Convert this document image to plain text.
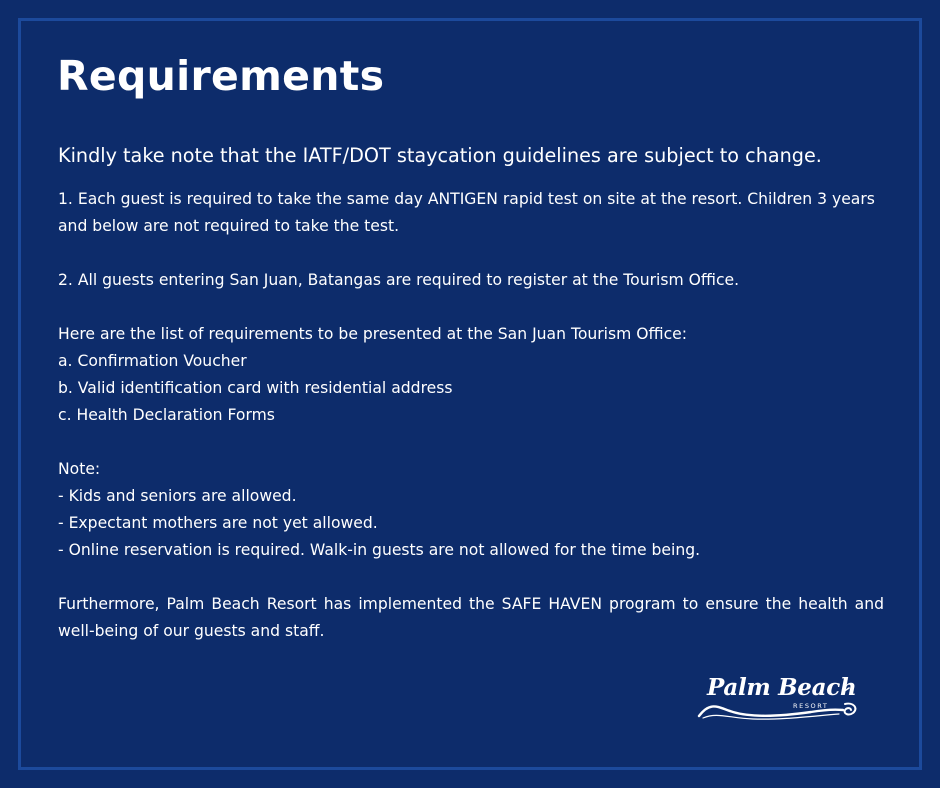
Requirements

Kindly take note that the IATF/DOT staycation guidelines are subject to change.

1. Each guest is required to take the same day ANTIGEN rapid test on site at the resort. Children 3 years and below are not required to take the test.

2. All guests entering San Juan, Batangas are required to register at the Tourism Office.

Here are the list of requirements to be presented at the San Juan Tourism Office:

a. Confirmation Voucher

b. Valid identification card with residential address

c. Health Declaration Forms

Note:

- Kids and seniors are allowed.

- Expectant mothers are not yet allowed.

- Online reservation is required. Walk-in guests are not allowed for the time being.

Furthermore, Palm Beach Resort has implemented the SAFE HAVEN program to ensure the health and well-being of our guests and staff.

Palm Beach
RESORT
